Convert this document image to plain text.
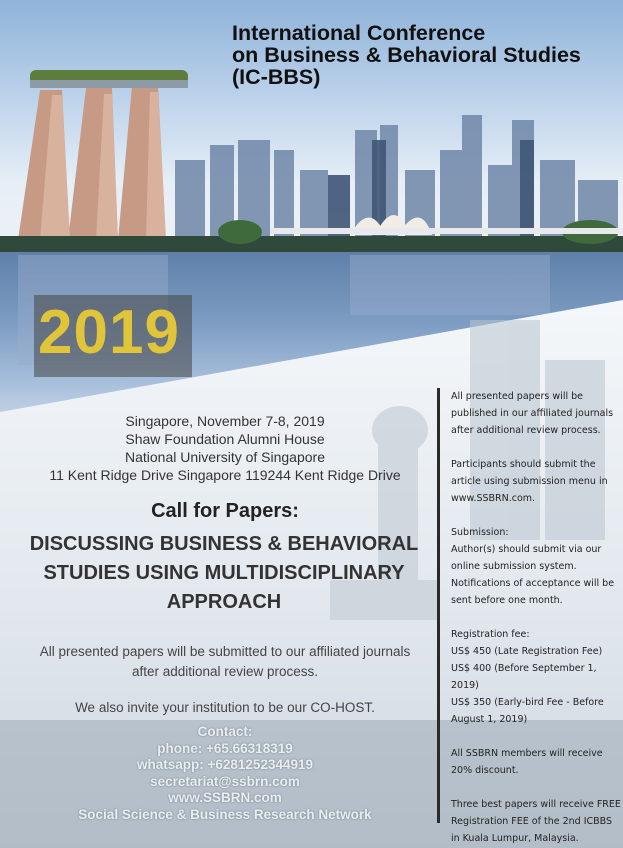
International Conference
on Business & Behavioral Studies
(IC-BBS)
2019
Singapore, November 7-8, 2019
Shaw Foundation Alumni House
National University of Singapore
11 Kent Ridge Drive Singapore 119244 Kent Ridge Drive
Call for Papers:
DISCUSSING BUSINESS & BEHAVIORAL
STUDIES USING MULTIDISCIPLINARY
APPROACH
All presented papers will be submitted to our affiliated journals
after additional review process.
We also invite your institution to be our CO-HOST.
Contact:
phone: +65.66318319
whatsapp: +6281252344919
secretariat@ssbrn.com
www.SSBRN.com
Social Science & Business Research Network

All presented papers will be published in our affiliated journals after additional review process.

Participants should submit the article using submission menu in www.SSBRN.com.

Submission:
Author(s) should submit via our online submission system.
Notifications of acceptance will be sent before one month.

Registration fee:
US$ 450 (Late Registration Fee)
US$ 400 (Before September 1, 2019)
US$ 350 (Early-bird Fee - Before August 1, 2019)

All SSBRN members will receive 20% discount.

Three best papers will receive FREE Registration FEE of the 2nd ICBBS in Kuala Lumpur, Malaysia.
